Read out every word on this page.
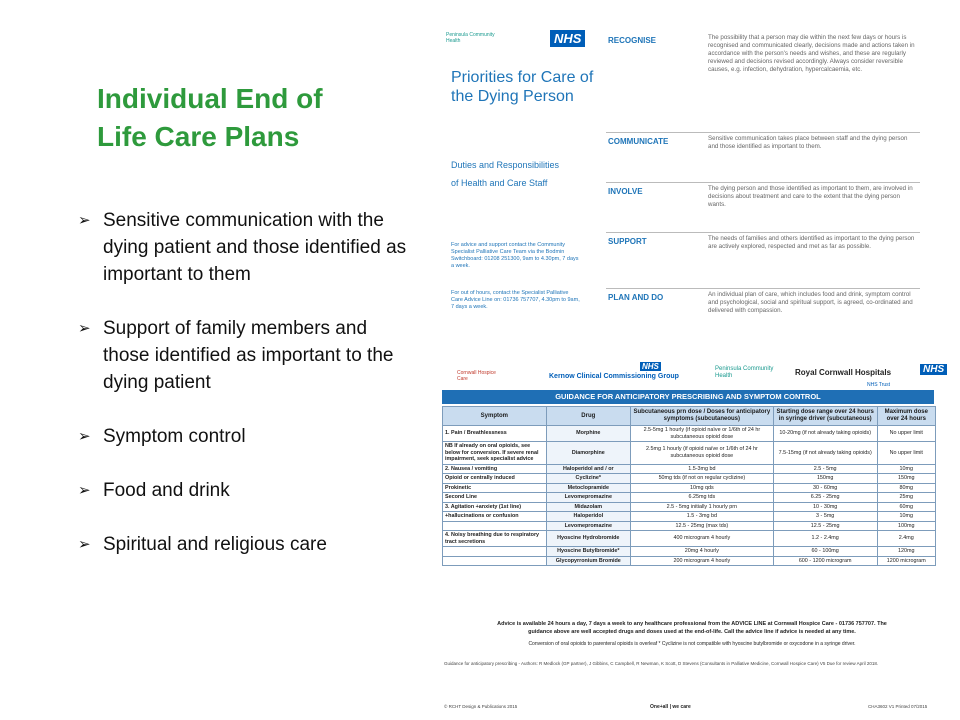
Individual End of
Life Care Plans
➢ Sensitive communication with the dying patient and those identified as important to them
➢ Support of family members and those identified as important to the dying patient
➢ Symptom control
➢ Food and drink
➢ Spiritual and religious care
Peninsula Community Health	NHS
Priorities for Care of the Dying Person
Duties and Responsibilities
of Health and Care Staff
For advice and support contact the Community Specialist Palliative Care Team via the Bodmin Switchboard: 01208 251300, 9am to 4.30pm, 7 days a week.
For out of hours, contact the Specialist Palliative Care Advice Line on: 01736 757707, 4.30pm to 9am, 7 days a week.
RECOGNISE	The possibility that a person may die within the next few days or hours is recognised and communicated clearly, decisions made and actions taken in accordance with the person's needs and wishes, and these are regularly reviewed and decisions revised accordingly. Always consider reversible causes, e.g. infection, dehydration, hypercalcaemia, etc.
COMMUNICATE	Sensitive communication takes place between staff and the dying person and those identified as important to them.
INVOLVE	The dying person and those identified as important to them, are involved in decisions about treatment and care to the extent that the dying person wants.
SUPPORT	The needs of families and others identified as important to the dying person are actively explored, respected and met as far as possible.
PLAN AND DO	An individual plan of care, which includes food and drink, symptom control and psychological, social and spiritual support, is agreed, co-ordinated and delivered with compassion.
Cornwall Hospice Care
NHS
Kernow Clinical Commissioning Group
Peninsula Community Health	Royal Cornwall Hospitals	NHS
NHS Trust
GUIDANCE FOR ANTICIPATORY PRESCRIBING AND SYMPTOM CONTROL
Symptom	Drug	Subcutaneous prn dose / Doses for anticipatory symptoms (subcutaneous)	Starting dose range over 24 hours in syringe driver (subcutaneous)	Maximum dose over 24 hours
1. Pain / Breathlessness	Morphine	2.5-5mg 1 hourly (if opioid naïve or 1/6th of 24 hr subcutaneous opioid dose	10-20mg (if not already taking opioids)	No upper limit
NB If already on oral opioids, see below for conversion. If severe renal impairment, seek specialist advice	Diamorphine	2.5mg 1 hourly (if opioid naïve or 1/6th of 24 hr subcutaneous opioid dose	7.5-15mg (if not already taking opioids)	No upper limit
2. Nausea / vomiting	Haloperidol and / or	1.5-3mg bd	2.5 - 5mg	10mg
Opioid or centrally induced	Cyclizine*	50mg tds (if not on regular cyclizine)	150mg	150mg
Prokinetic	Metoclopramide	10mg qds	30 - 60mg	80mg
Second Line	Levomepromazine	6.25mg tds	6.25 - 25mg	25mg
3. Agitation +anxiety (1st line)	Midazolam	2.5 - 5mg initially 1 hourly prn	10 - 30mg	60mg
+hallucinations or confusion	Haloperidol	1.5 - 3mg bd	3 - 5mg	10mg
	Levomepromazine	12.5 - 25mg (max tds)	12.5 - 25mg	100mg
4. Noisy breathing due to respiratory tract secretions	Hyoscine Hydrobromide	400 microgram 4 hourly	1.2 - 2.4mg	2.4mg
	Hyoscine Butylbromide*	20mg 4 hourly	60 - 100mg	120mg
	Glycopyrronium Bromide	200 microgram 4 hourly	600 - 1200 microgram	1200 microgram
Advice is available 24 hours a day, 7 days a week to any healthcare professional from the ADVICE LINE at Cornwall Hospice Care - 01736 757707. The guidance above are well accepted drugs and doses used at the end-of-life. Call the advice line if advice is needed at any time.
Conversion of oral opioids to parenteral opioids is overleaf * Cyclizine is not compatible with hyoscine butylbromide or oxycodone in a syringe driver.
Guidance for anticipatory prescribing - Authors: R Medlock (GP partner), J Gibbins, C Campbell, R Newman, K Scott, D Stevens (Consultants in Palliative Medicine, Cornwall Hospice Care) V5 Due for review April 2018.
© RCHT Design & Publications 2015	One+all | we care	CHA3602 V1 Printed 07/2015
